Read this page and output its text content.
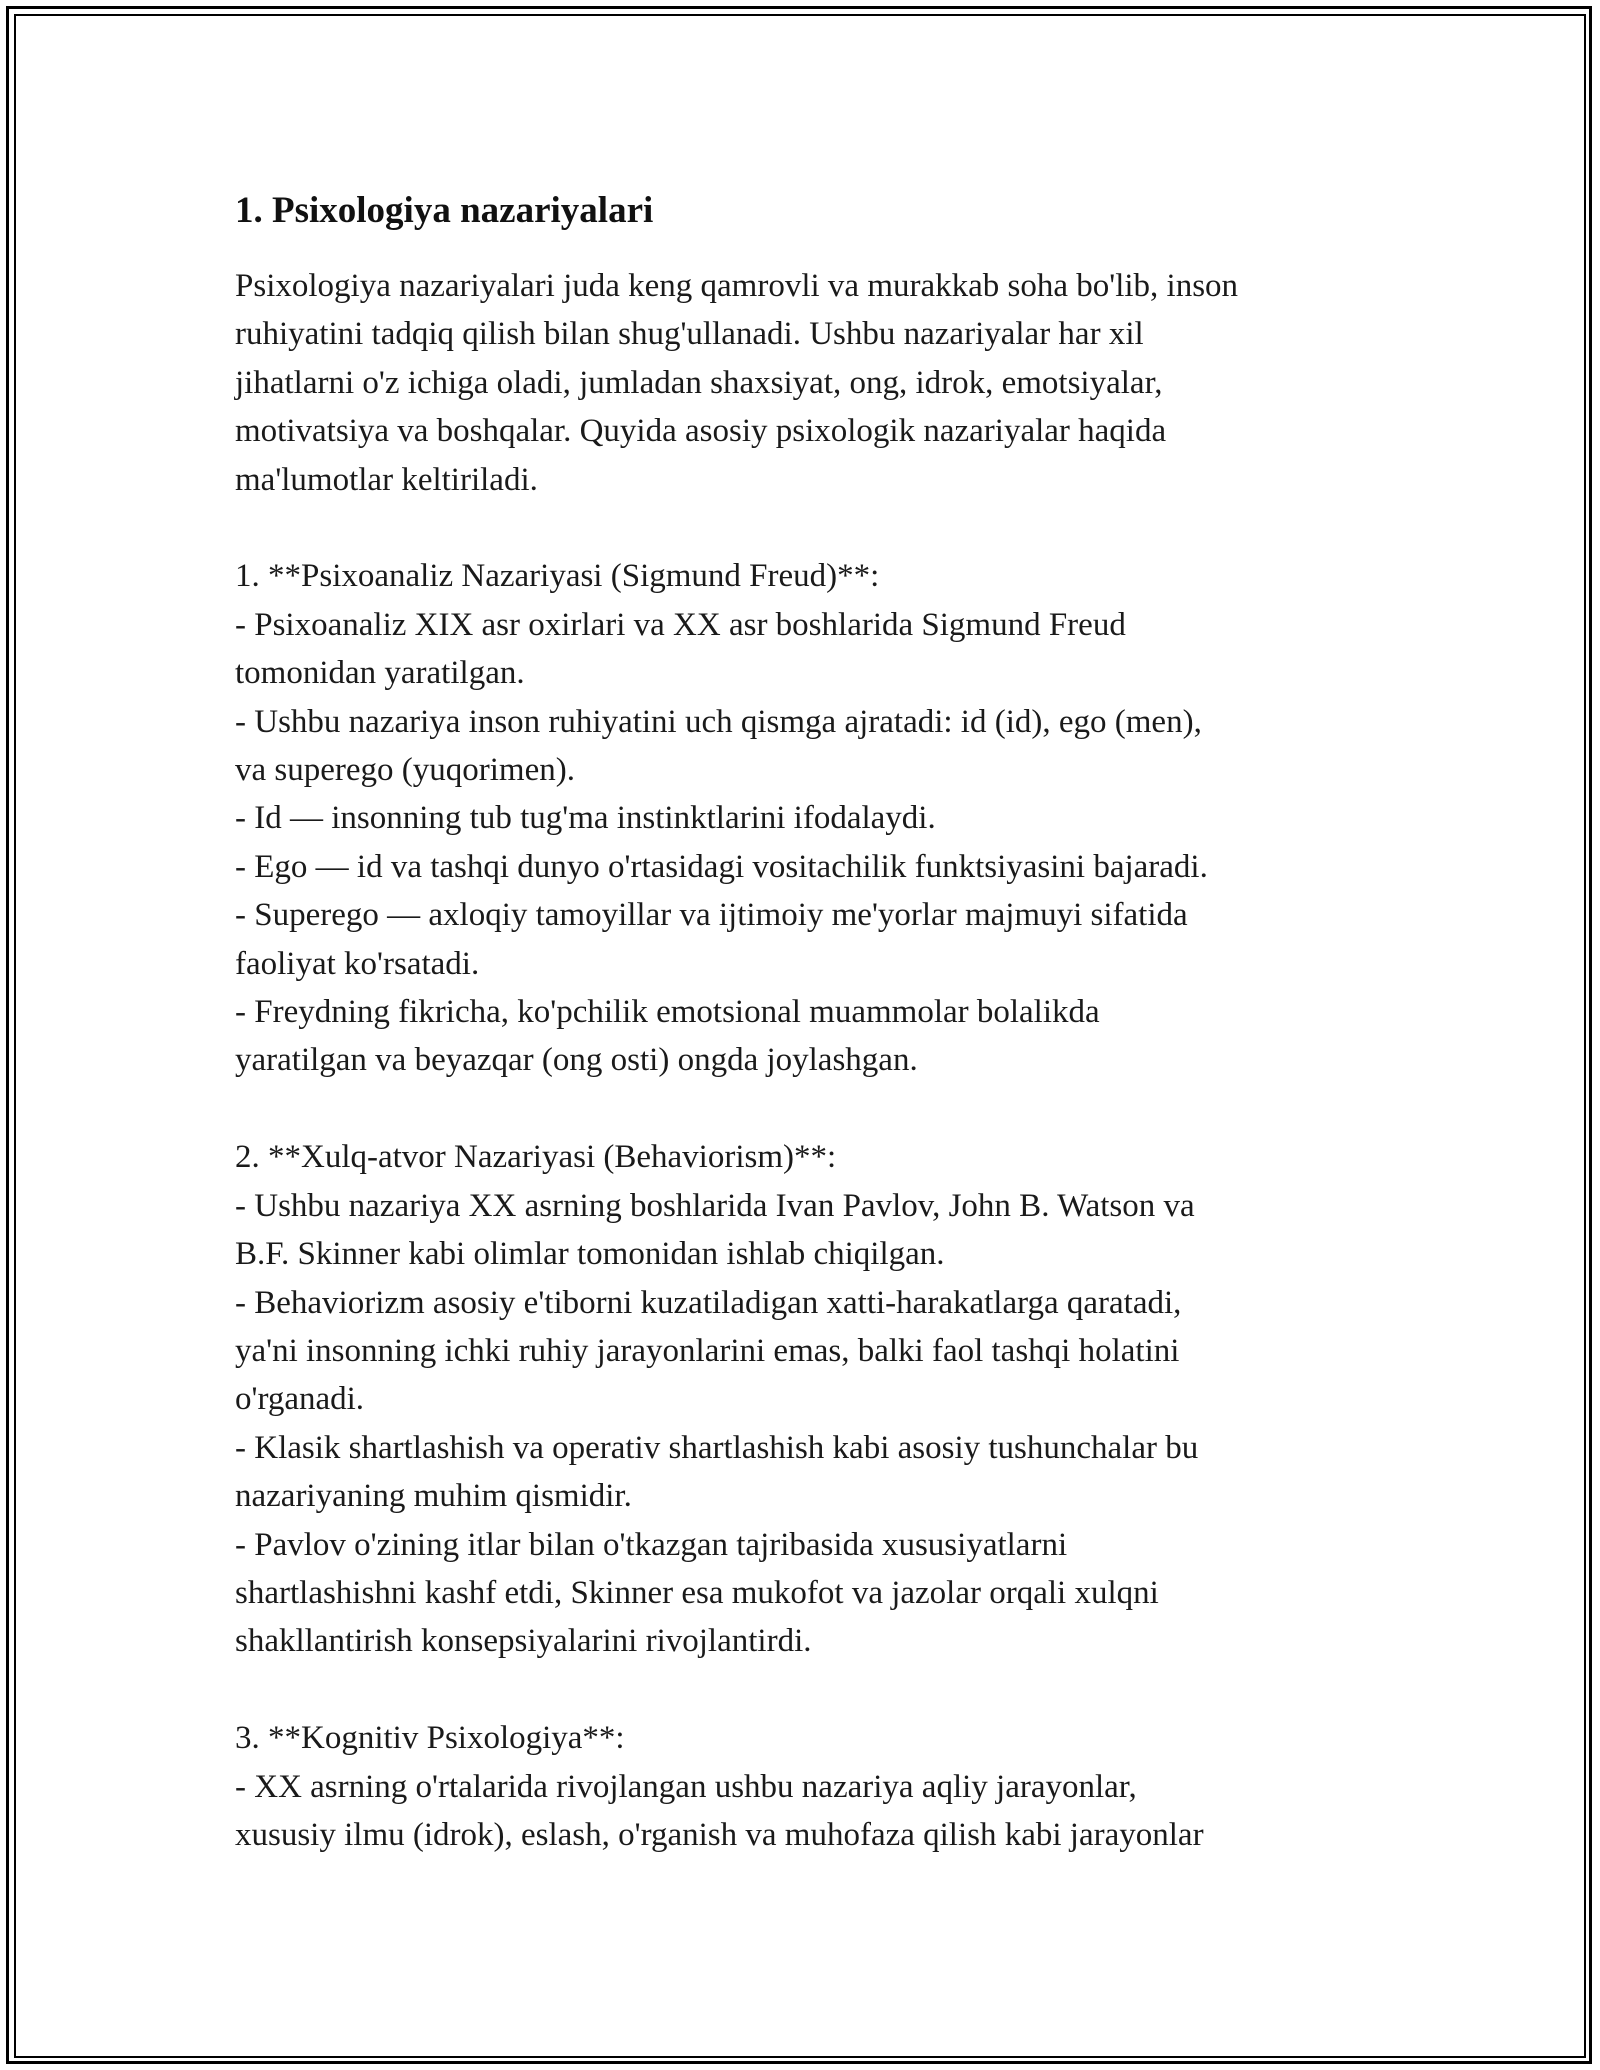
1. Psixologiya nazariyalari

Psixologiya nazariyalari juda keng qamrovli va murakkab soha bo'lib, inson
ruhiyatini tadqiq qilish bilan shug'ullanadi. Ushbu nazariyalar har xil
jihatlarni o'z ichiga oladi, jumladan shaxsiyat, ong, idrok, emotsiyalar,
motivatsiya va boshqalar. Quyida asosiy psixologik nazariyalar haqida
ma'lumotlar keltiriladi.

1. **Psixoanaliz Nazariyasi (Sigmund Freud)**:

- Psixoanaliz XIX asr oxirlari va XX asr boshlarida Sigmund Freud
tomonidan yaratilgan.

- Ushbu nazariya inson ruhiyatini uch qismga ajratadi: id (id), ego (men),
va superego (yuqorimen).

- Id — insonning tub tug'ma instinktlarini ifodalaydi.

- Ego — id va tashqi dunyo o'rtasidagi vositachilik funktsiyasini bajaradi.

- Superego — axloqiy tamoyillar va ijtimoiy me'yorlar majmuyi sifatida
faoliyat ko'rsatadi.

- Freydning fikricha, ko'pchilik emotsional muammolar bolalikda
yaratilgan va beyazqar (ong osti) ongda joylashgan.

2. **Xulq-atvor Nazariyasi (Behaviorism)**:

- Ushbu nazariya XX asrning boshlarida Ivan Pavlov, John B. Watson va
B.F. Skinner kabi olimlar tomonidan ishlab chiqilgan.

- Behaviorizm asosiy e'tiborni kuzatiladigan xatti-harakatlarga qaratadi,
ya'ni insonning ichki ruhiy jarayonlarini emas, balki faol tashqi holatini
o'rganadi.

- Klasik shartlashish va operativ shartlashish kabi asosiy tushunchalar bu
nazariyaning muhim qismidir.

- Pavlov o'zining itlar bilan o'tkazgan tajribasida xususiyatlarni
shartlashishni kashf etdi, Skinner esa mukofot va jazolar orqali xulqni
shakllantirish konsepsiyalarini rivojlantirdi.

3. **Kognitiv Psixologiya**:

- XX asrning o'rtalarida rivojlangan ushbu nazariya aqliy jarayonlar,
xususiy ilmu (idrok), eslash, o'rganish va muhofaza qilish kabi jarayonlar
